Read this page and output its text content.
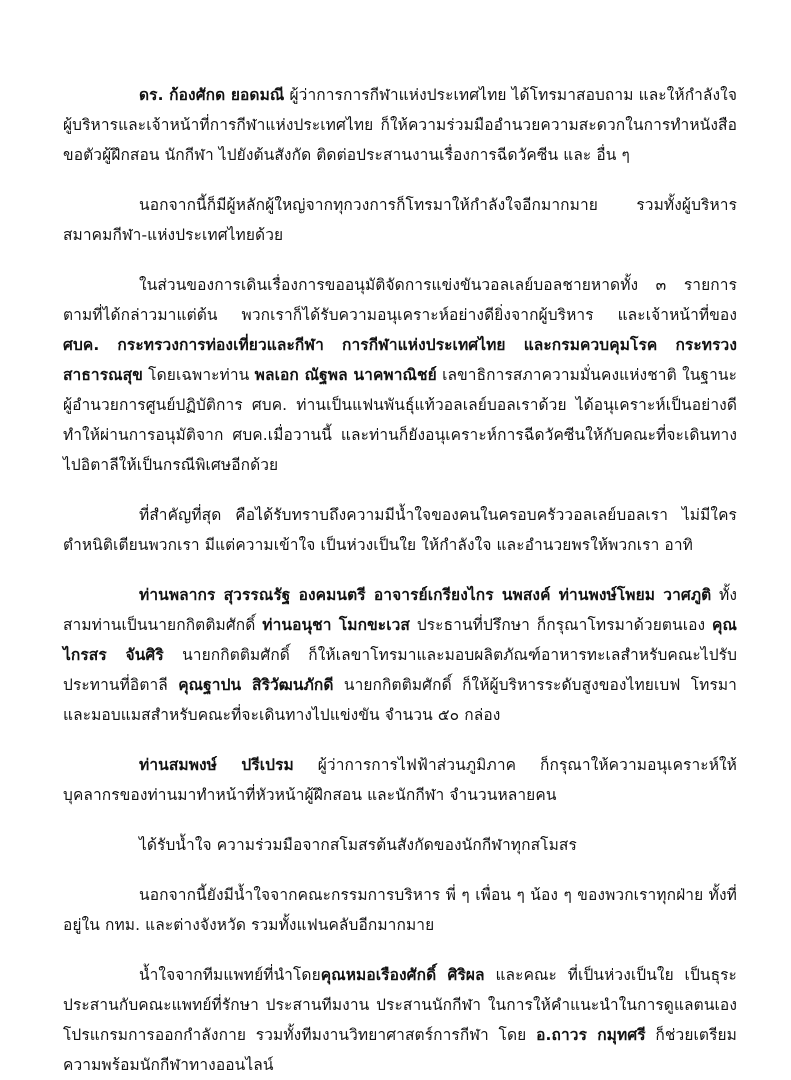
ดร. ก้องศักด ยอดมณี ผู้ว่าการการกีฬาแห่งประเทศไทย ได้โทรมาสอบถาม และให้กำลังใจ ผู้บริหารและเจ้าหน้าที่การกีฬาแห่งประเทศไทย ก็ให้ความร่วมมืออำนวยความสะดวกในการทำหนังสือขอตัวผู้ฝึกสอน นักกีฬา ไปยังต้นสังกัด ติดต่อประสานงานเรื่องการฉีดวัคซีน และ อื่น ๆ

นอกจากนี้ก็มีผู้หลักผู้ใหญ่จากทุกวงการก็โทรมาให้กำลังใจอีกมากมาย รวมทั้งผู้บริหารสมาคมกีฬา-แห่งประเทศไทยด้วย

ในส่วนของการเดินเรื่องการขออนุมัติจัดการแข่งขันวอลเลย์บอลชายหาดทั้ง ๓ รายการตามที่ได้กล่าวมาแต่ต้น พวกเราก็ได้รับความอนุเคราะห์อย่างดียิ่งจากผู้บริหาร และเจ้าหน้าที่ของ ศบค. กระทรวงการท่องเที่ยวและกีฬา การกีฬาแห่งประเทศไทย และกรมควบคุมโรค กระทรวงสาธารณสุข โดยเฉพาะท่าน พลเอก ณัฐพล นาคพาณิชย์ เลขาธิการสภาความมั่นคงแห่งชาติ ในฐานะผู้อำนวยการศูนย์ปฏิบัติการ ศบค. ท่านเป็นแฟนพันธุ์แท้วอลเลย์บอลเราด้วย ได้อนุเคราะห์เป็นอย่างดี ทำให้ผ่านการอนุมัติจาก ศบค.เมื่อวานนี้ และท่านก็ยังอนุเคราะห์การฉีดวัคซีนให้กับคณะที่จะเดินทางไปอิตาลีให้เป็นกรณีพิเศษอีกด้วย

ที่สำคัญที่สุด คือได้รับทราบถึงความมีน้ำใจของคนในครอบครัววอลเลย์บอลเรา ไม่มีใครตำหนิติเตียนพวกเรา มีแต่ความเข้าใจ เป็นห่วงเป็นใย ให้กำลังใจ และอำนวยพรให้พวกเรา อาทิ

ท่านพลากร สุวรรณรัฐ องคมนตรี อาจารย์เกรียงไกร นพสงค์ ท่านพงษ์โพยม วาศภูติ ทั้งสามท่านเป็นนายกกิตติมศักดิ์ ท่านอนุชา โมกขะเวส ประธานที่ปรึกษา ก็กรุณาโทรมาด้วยตนเอง คุณไกรสร จันศิริ นายกกิตติมศักดิ์ ก็ให้เลขาโทรมาและมอบผลิตภัณฑ์อาหารทะเลสำหรับคณะไปรับประทานที่อิตาลี คุณฐาปน สิริวัฒนภักดี นายกกิตติมศักดิ์ ก็ให้ผู้บริหารระดับสูงของไทยเบฟ โทรมา และมอบแมสสำหรับคณะที่จะเดินทางไปแข่งขัน จำนวน ๕๐ กล่อง

ท่านสมพงษ์ ปรีเปรม ผู้ว่าการการไฟฟ้าส่วนภูมิภาค ก็กรุณาให้ความอนุเคราะห์ให้บุคลากรของท่านมาทำหน้าที่หัวหน้าผู้ฝึกสอน และนักกีฬา จำนวนหลายคน

ได้รับน้ำใจ ความร่วมมือจากสโมสรต้นสังกัดของนักกีฬาทุกสโมสร

นอกจากนี้ยังมีน้ำใจจากคณะกรรมการบริหาร พี่ ๆ เพื่อน ๆ น้อง ๆ ของพวกเราทุกฝ่าย ทั้งที่อยู่ใน กทม. และต่างจังหวัด รวมทั้งแฟนคลับอีกมากมาย

น้ำใจจากทีมแพทย์ที่นำโดยคุณหมอเรืองศักดิ์ ศิริผล และคณะ ที่เป็นห่วงเป็นใย เป็นธุระ ประสานกับคณะแพทย์ที่รักษา ประสานทีมงาน ประสานนักกีฬา ในการให้คำแนะนำในการดูแลตนเอง โปรแกรมการออกกำลังกาย รวมทั้งทีมงานวิทยาศาสตร์การกีฬา โดย อ.ถาวร กมุทศรี ก็ช่วยเตรียมความพร้อมนักกีฬาทางออนไลน์
